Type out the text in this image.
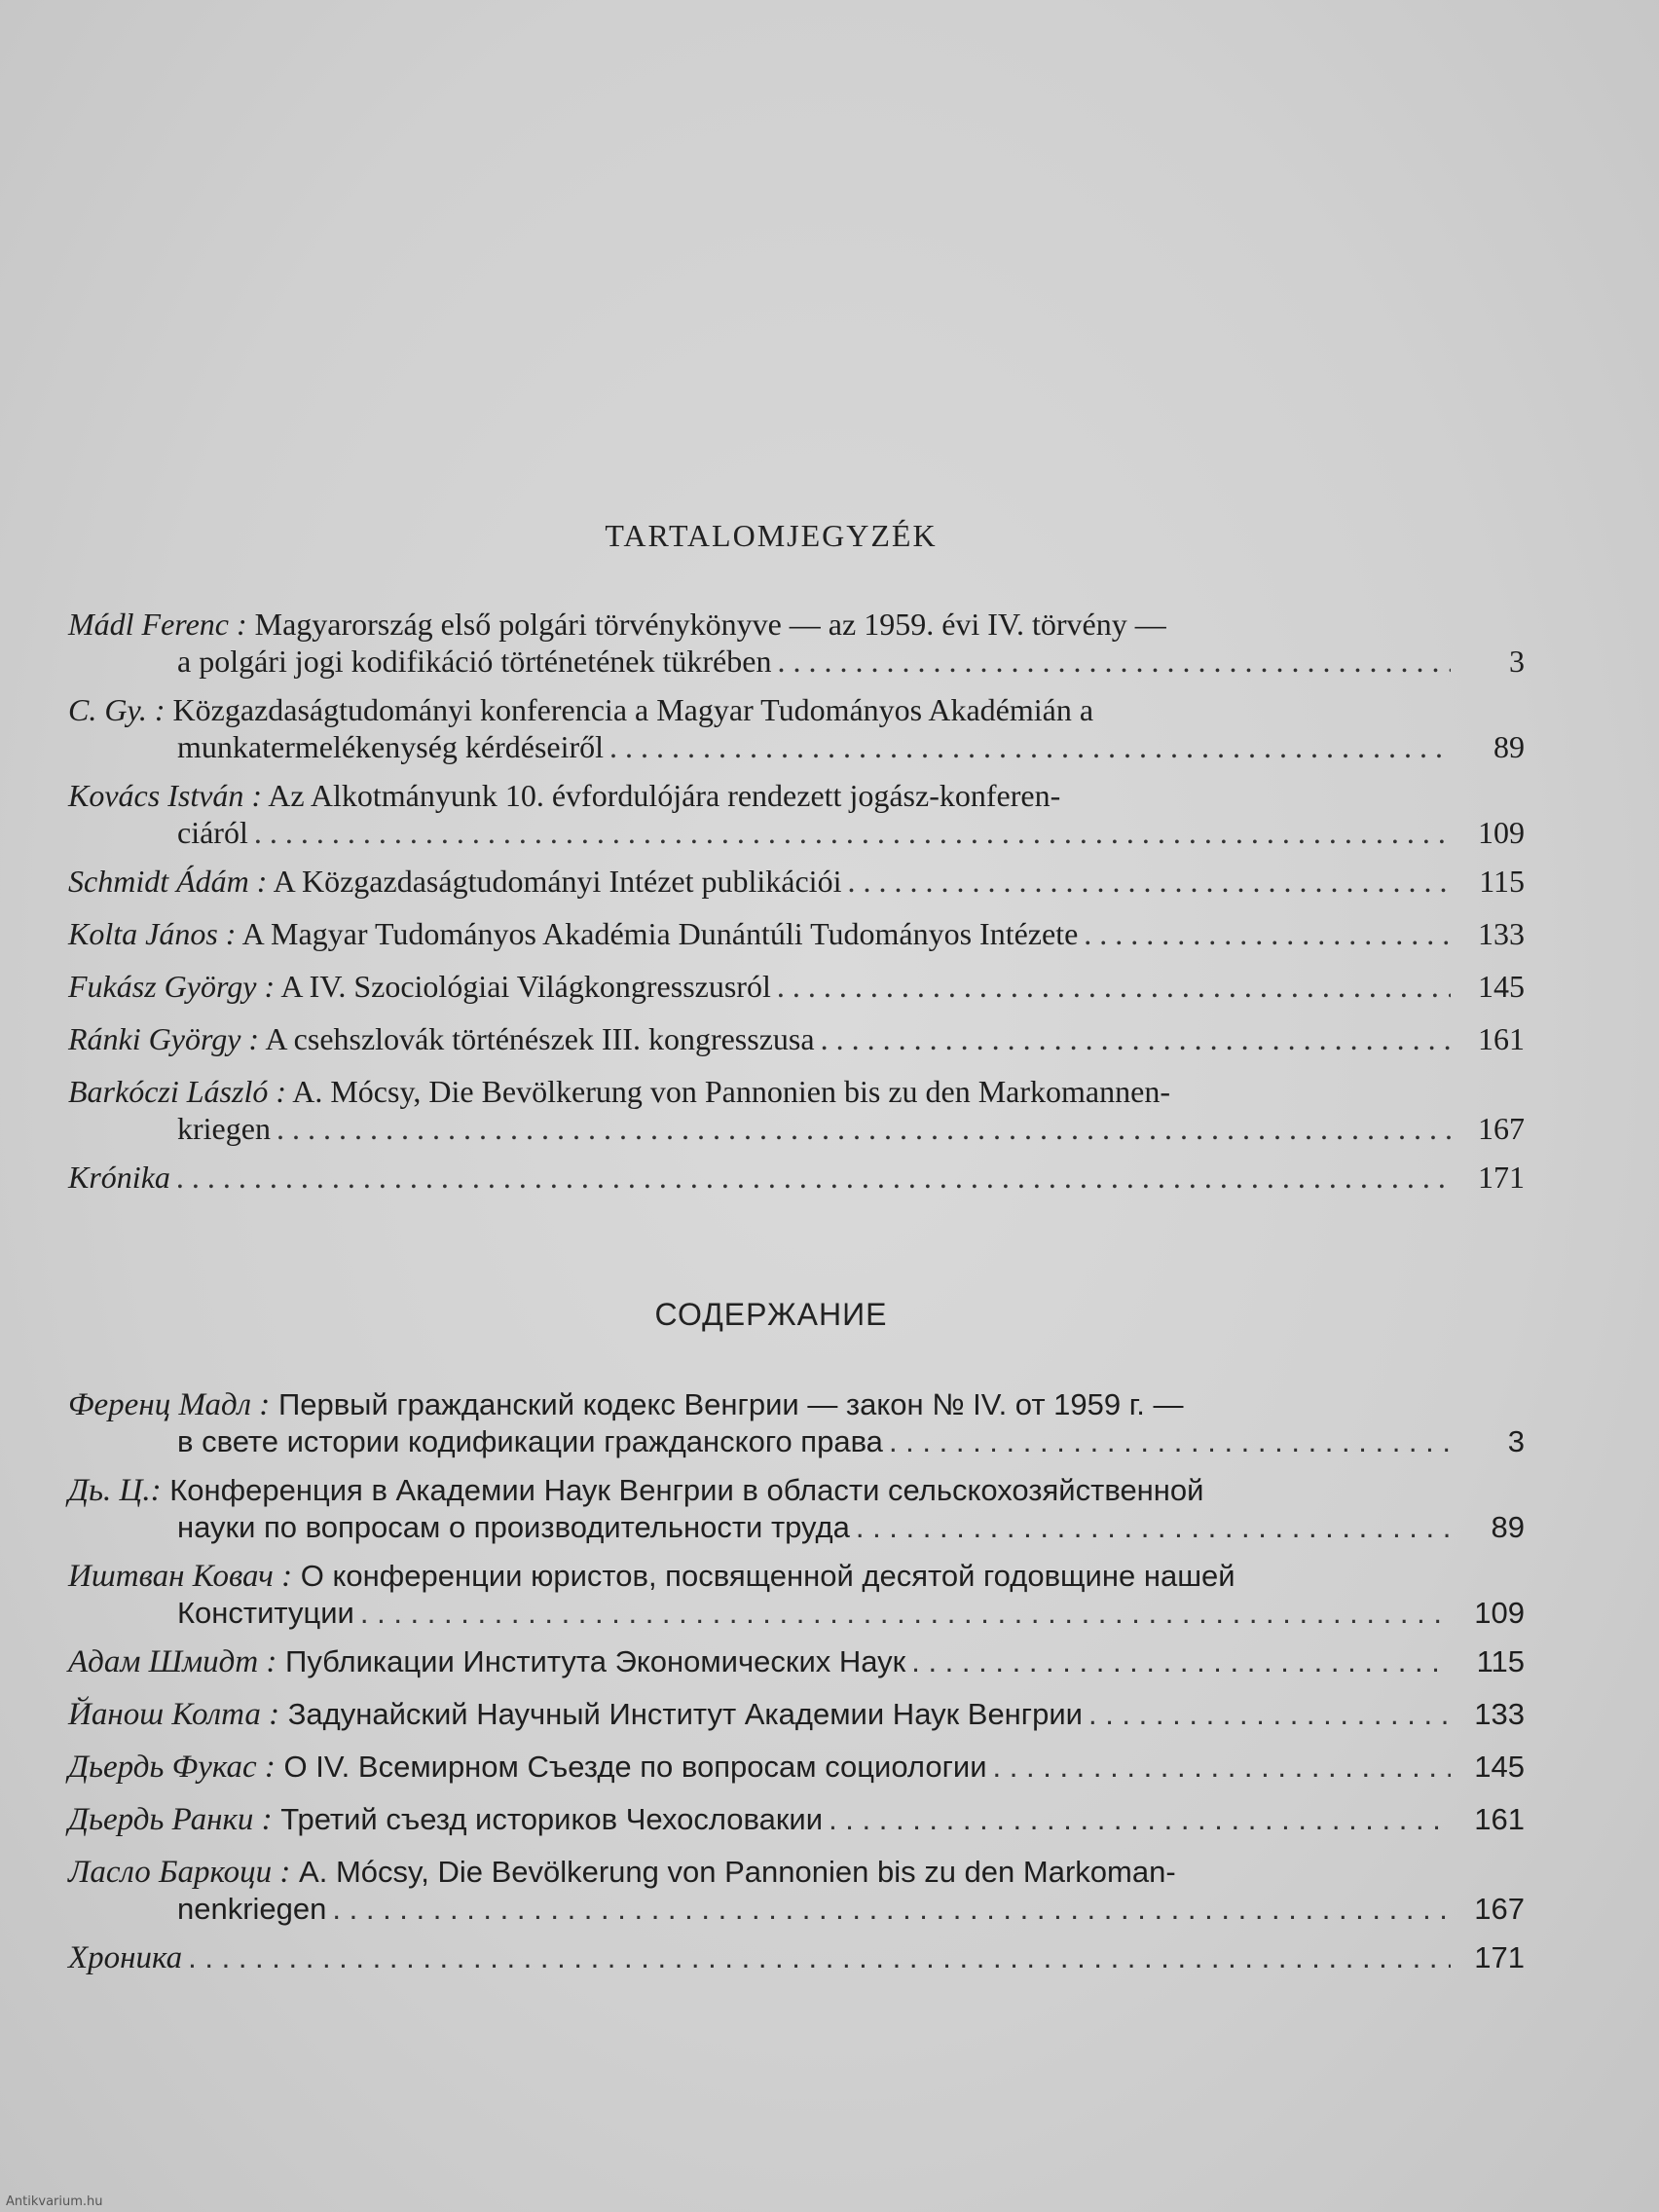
TARTALOMJEGYZÉK
Mádl Ferenc : Magyarország első polgári törvénykönyve — az 1959. évi IV. törvény —
a polgári jogi kodifikáció történetének tükrében . . .	3
C. Gy. : Közgazdaságtudományi konferencia a Magyar Tudományos Akadémián a
munkatermelékenység kérdéseiről . . .	89
Kovács István : Az Alkotmányunk 10. évfordulójára rendezett jogász-konferen-
ciáról . . .	109
Schmidt Ádám : A Közgazdaságtudományi Intézet publikációi . . .	115
Kolta János : A Magyar Tudományos Akadémia Dunántúli Tudományos Intézete . . .	133
Fukász György : A IV. Szociológiai Világkongresszusról . . .	145
Ránki György : A csehszlovák történészek III. kongresszusa . . .	161
Barkóczi László : A. Mócsy, Die Bevölkerung von Pannonien bis zu den Markomannen-
kriegen . . .	167
Krónika . . .	171
СОДЕРЖАНИЕ
Ференц Мадл : Первый гражданский кодекс Венгрии — закон № IV. от 1959 г. —
в свете истории кодификации гражданского права . . .	3
Дь. Ц.: Конференция в Академии Наук Венгрии в области сельскохозяйственной
науки по вопросам о производительности труда . . .	89
Иштван Ковач : О конференции юристов, посвященной десятой годовщине нашей
Конституции . . .	109
Адам Шмидт : Публикации Института Экономических Наук . . .	115
Йанош Колта : Задунайский Научный Институт Академии Наук Венгрии . . .	133
Дьердь Фукас : О IV. Всемирном Съезде по вопросам социологии . . .	145
Дьердь Ранки : Третий съезд историков Чехословакии . . .	161
Ласло Баркоци : A. Mócsy, Die Bevölkerung von Pannonien bis zu den Markoman-
nenkriegen . . .	167
Хроника . . .	171
Antikvarium.hu
